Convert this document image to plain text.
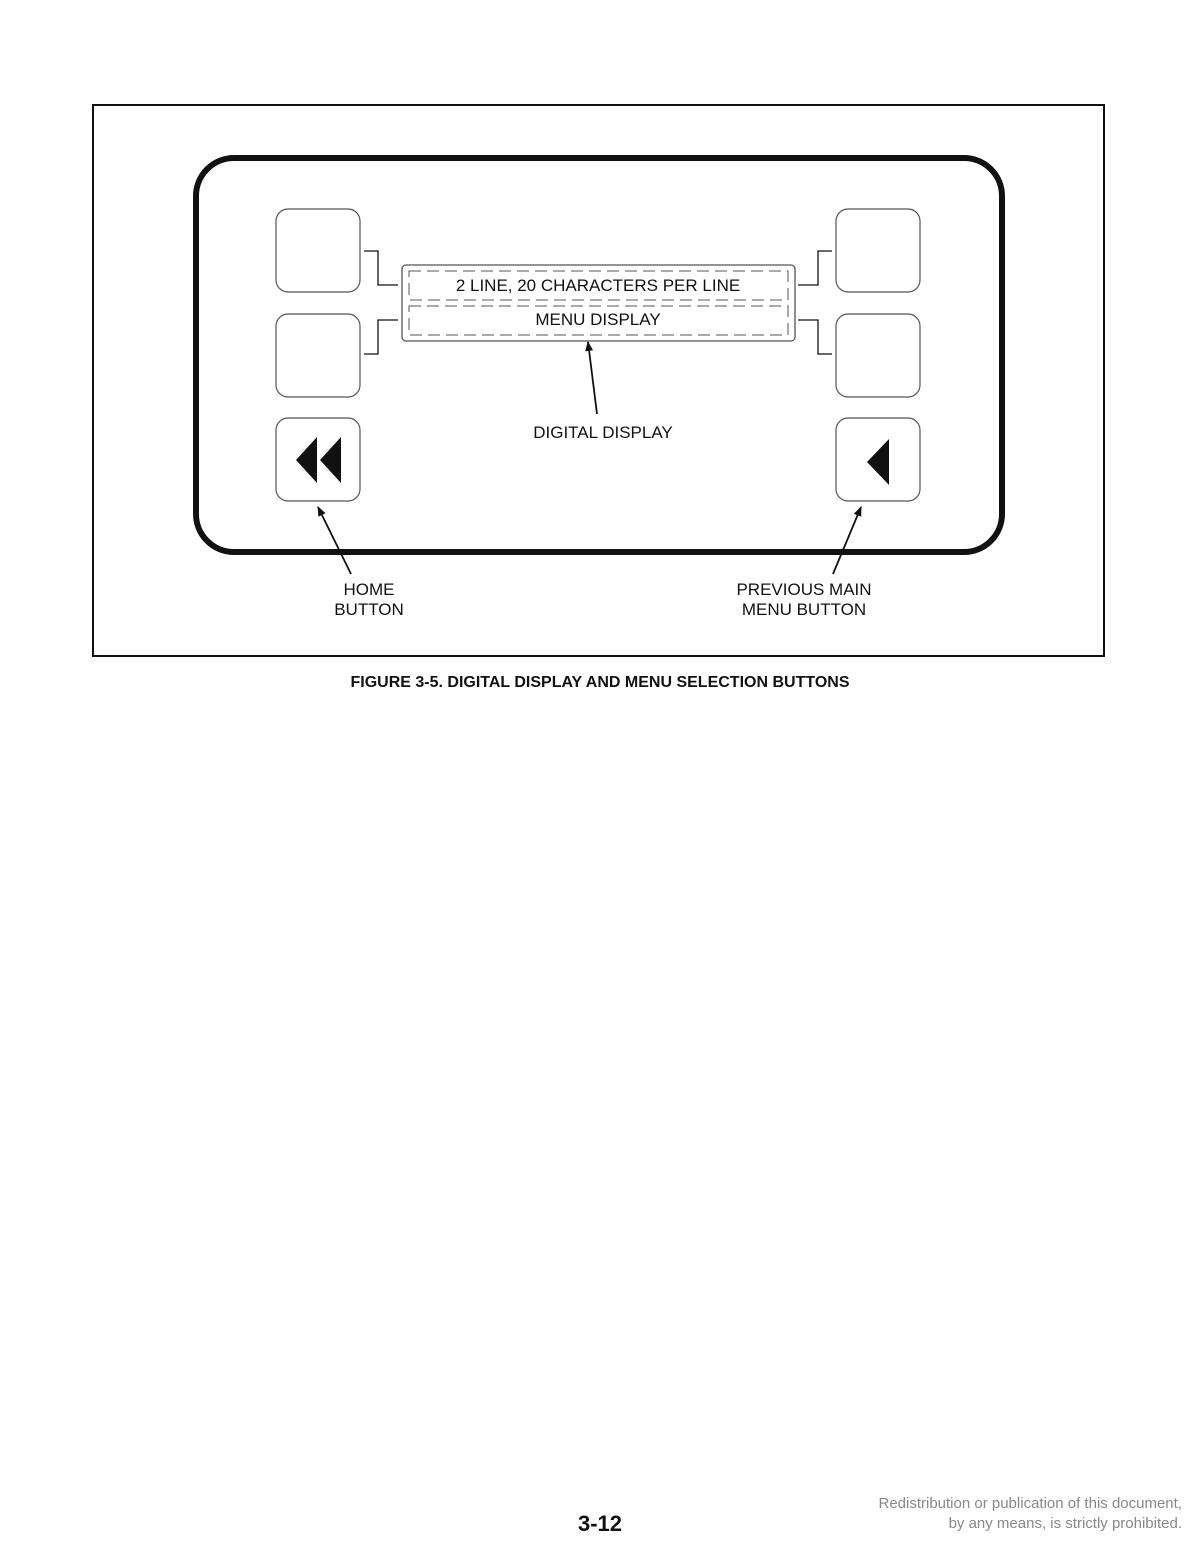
2 LINE, 20 CHARACTERS PER LINE
MENU DISPLAY
DIGITAL DISPLAY
HOME
BUTTON
PREVIOUS MAIN
MENU BUTTON
FIGURE 3-5. DIGITAL DISPLAY AND MENU SELECTION BUTTONS
3-12
Redistribution or publication of this document,
by any means, is strictly prohibited.
